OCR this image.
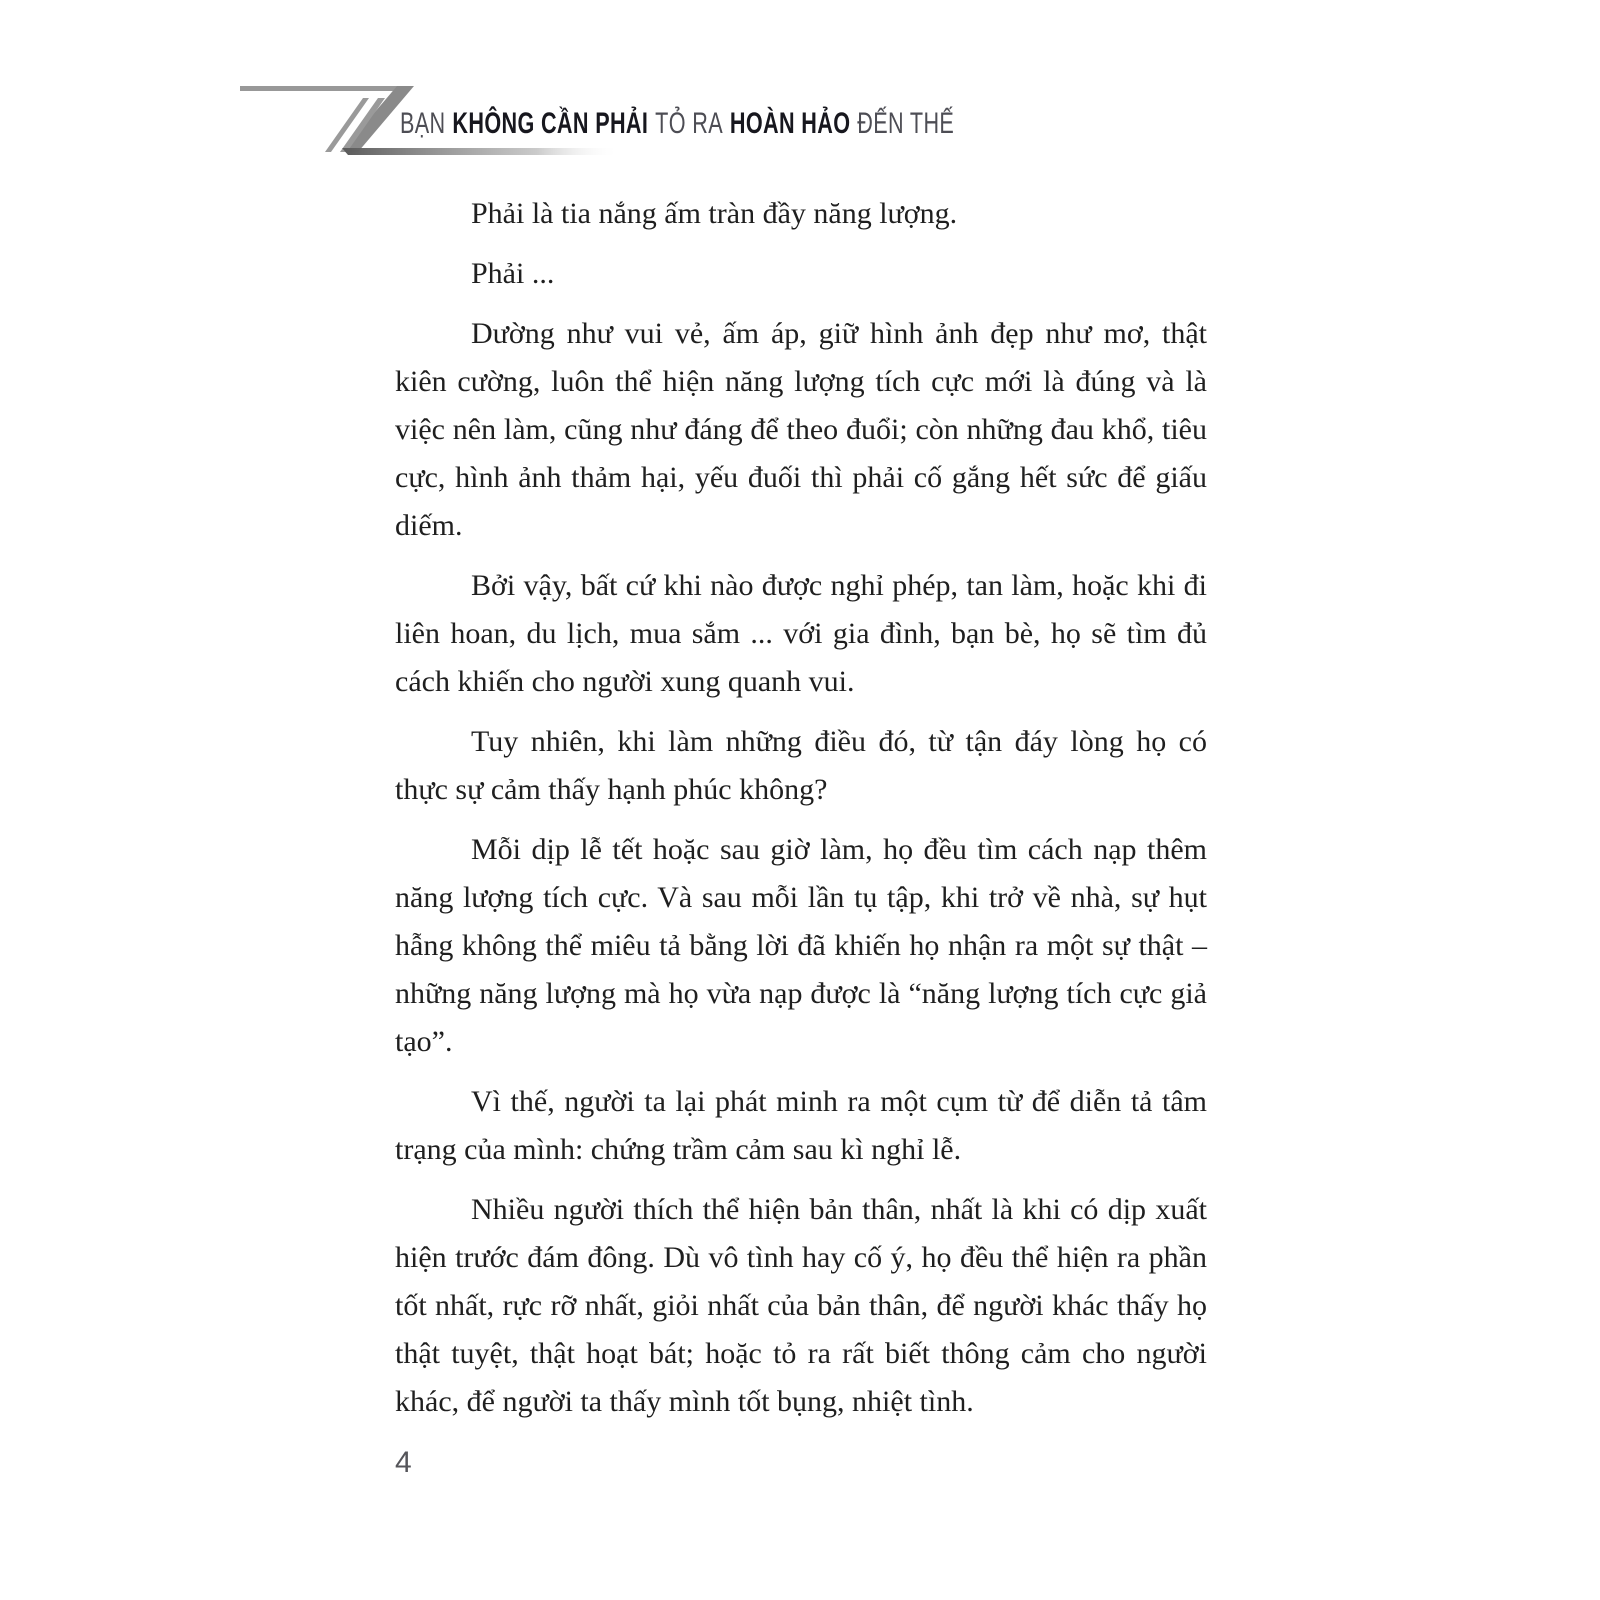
BẠN KHÔNG CẦN PHẢI TỎ RA HOÀN HẢO ĐẾN THẾ

Phải là tia nắng ấm tràn đầy năng lượng.

Phải ...

Dường như vui vẻ, ấm áp, giữ hình ảnh đẹp như mơ, thật kiên cường, luôn thể hiện năng lượng tích cực mới là đúng và là việc nên làm, cũng như đáng để theo đuổi; còn những đau khổ, tiêu cực, hình ảnh thảm hại, yếu đuối thì phải cố gắng hết sức để giấu diếm.

Bởi vậy, bất cứ khi nào được nghỉ phép, tan làm, hoặc khi đi liên hoan, du lịch, mua sắm ... với gia đình, bạn bè, họ sẽ tìm đủ cách khiến cho người xung quanh vui.

Tuy nhiên, khi làm những điều đó, từ tận đáy lòng họ có thực sự cảm thấy hạnh phúc không?

Mỗi dịp lễ tết hoặc sau giờ làm, họ đều tìm cách nạp thêm năng lượng tích cực. Và sau mỗi lần tụ tập, khi trở về nhà, sự hụt hẫng không thể miêu tả bằng lời đã khiến họ nhận ra một sự thật – những năng lượng mà họ vừa nạp được là “năng lượng tích cực giả tạo”.

Vì thế, người ta lại phát minh ra một cụm từ để diễn tả tâm trạng của mình: chứng trầm cảm sau kì nghỉ lễ.

Nhiều người thích thể hiện bản thân, nhất là khi có dịp xuất hiện trước đám đông. Dù vô tình hay cố ý, họ đều thể hiện ra phần tốt nhất, rực rỡ nhất, giỏi nhất của bản thân, để người khác thấy họ thật tuyệt, thật hoạt bát; hoặc tỏ ra rất biết thông cảm cho người khác, để người ta thấy mình tốt bụng, nhiệt tình.

4
